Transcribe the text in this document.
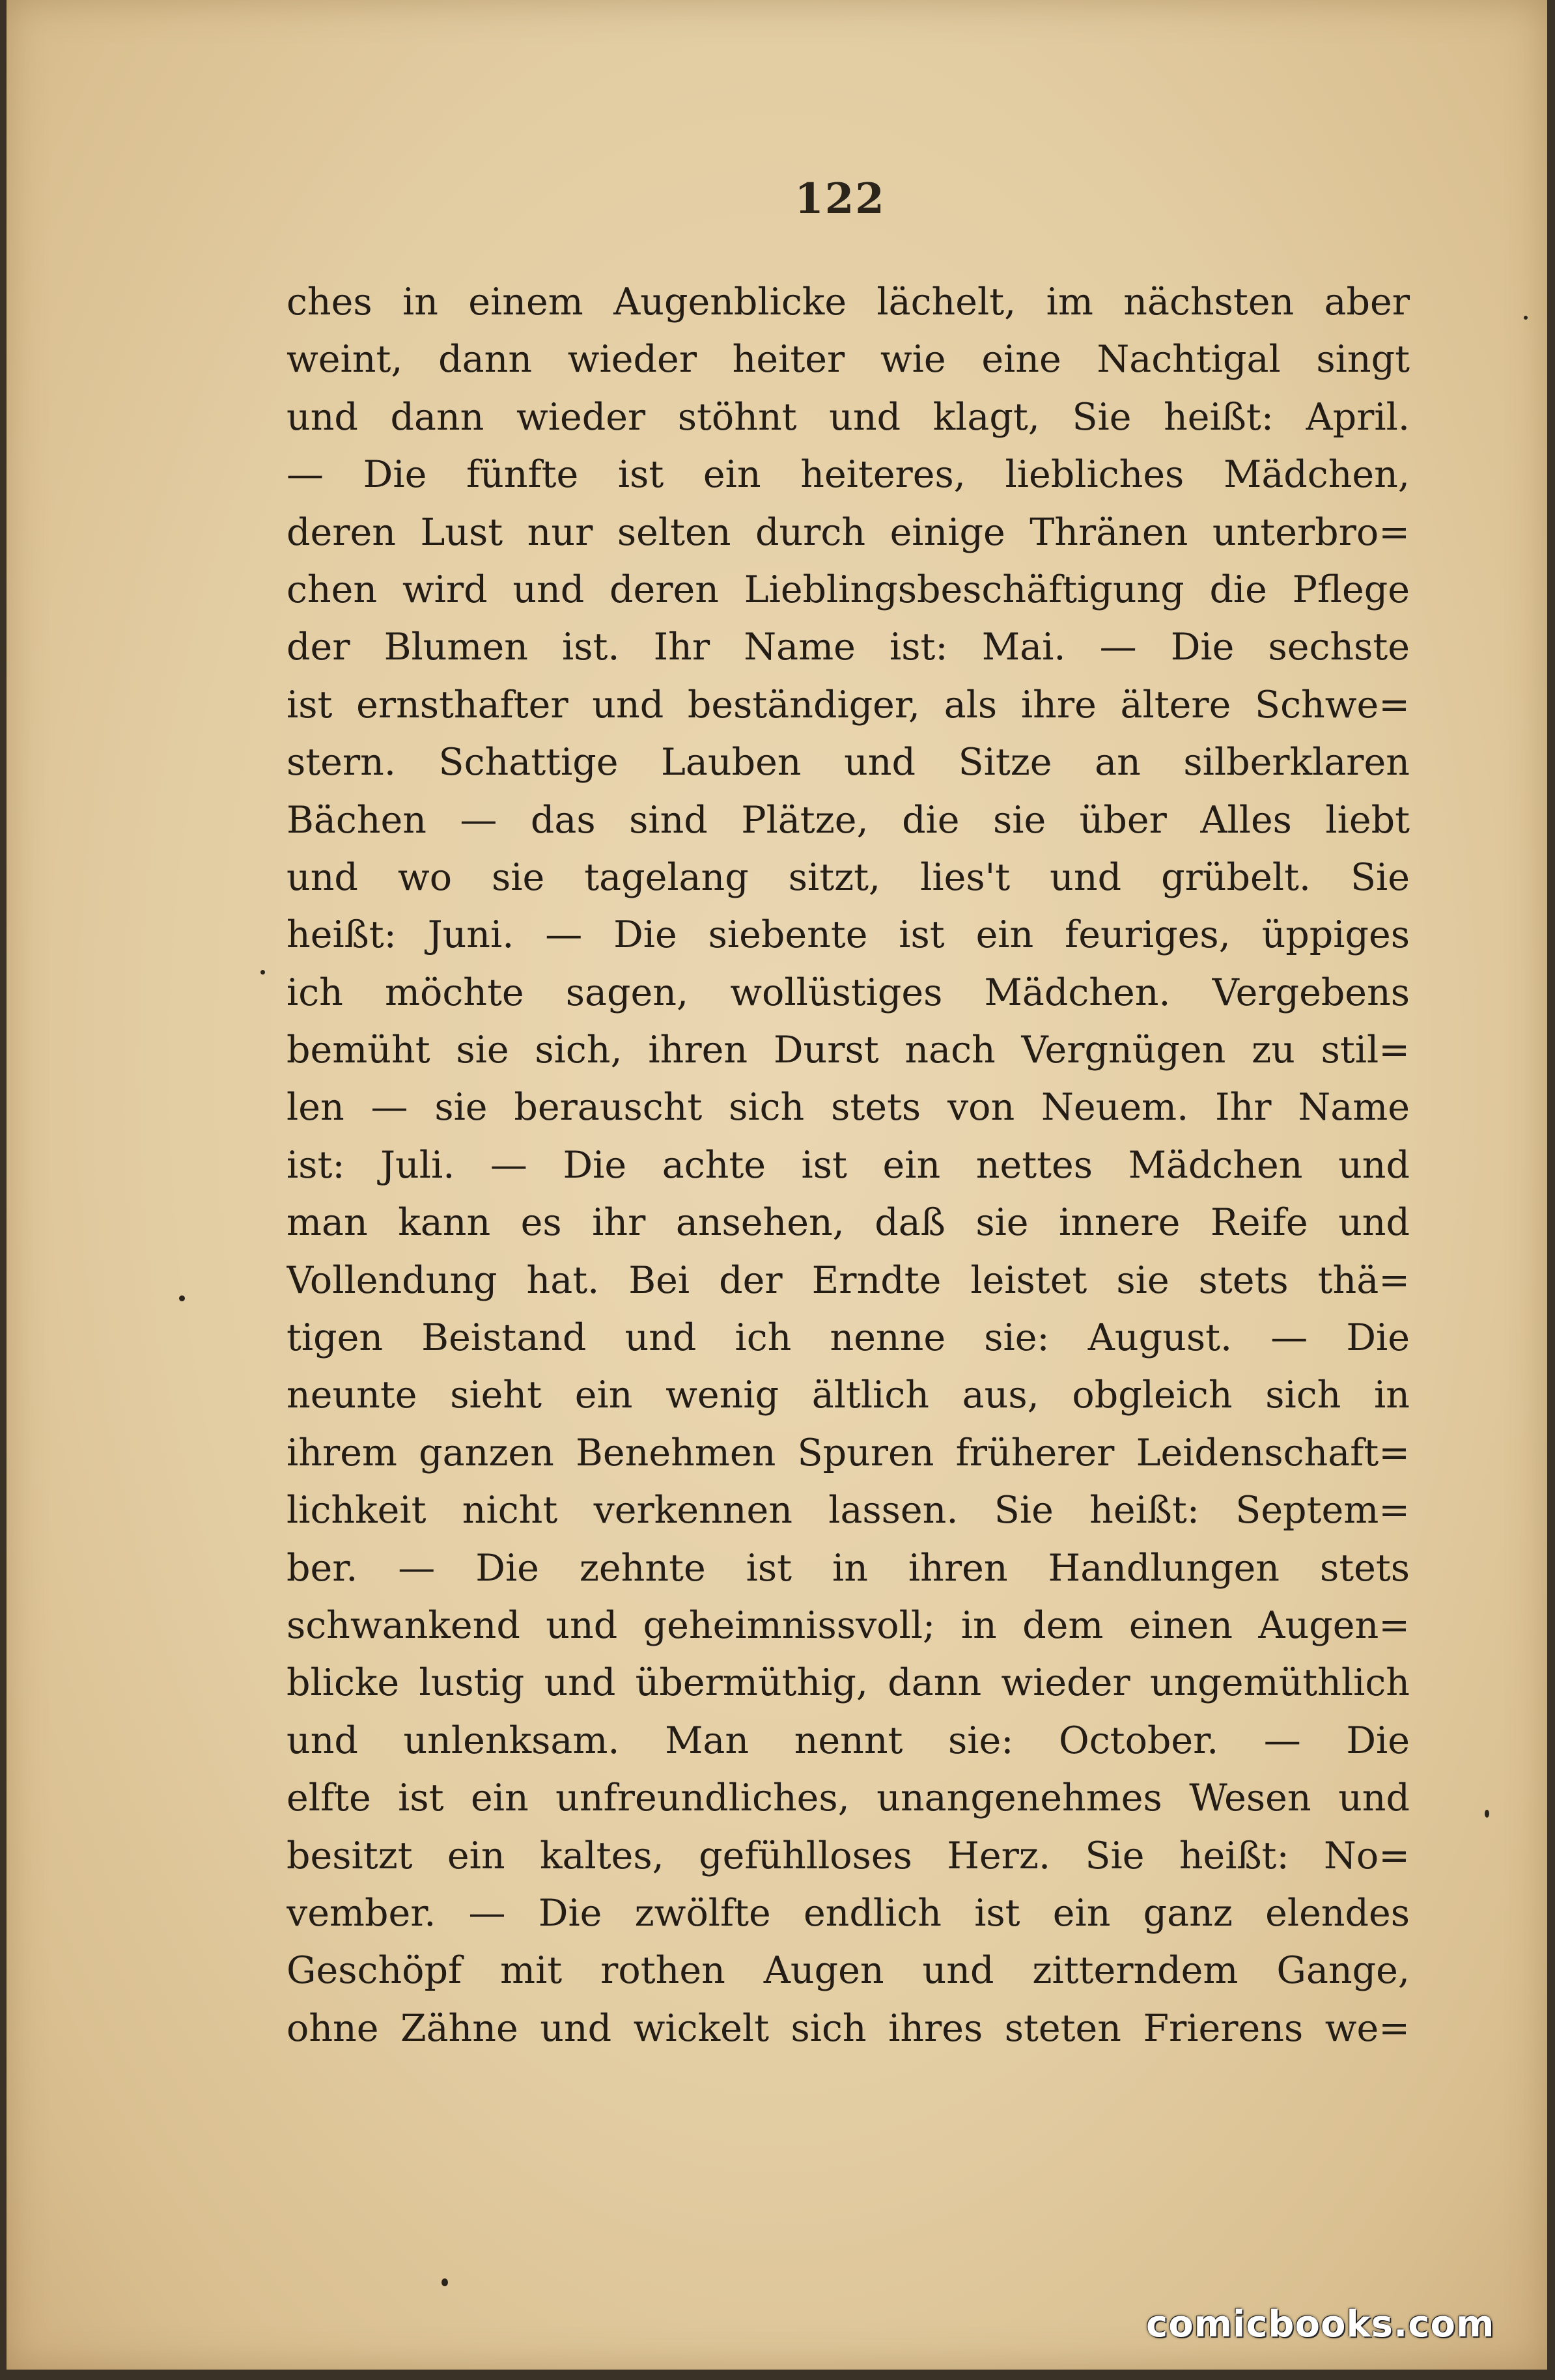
122
ches in einem Augenblicke lächelt, im nächsten aber
weint, dann wieder heiter wie eine Nachtigal singt
und dann wieder stöhnt und klagt, Sie heißt: April.
— Die fünfte ist ein heiteres, liebliches Mädchen,
deren Lust nur selten durch einige Thränen unterbro=
chen wird und deren Lieblingsbeschäftigung die Pflege
der Blumen ist. Ihr Name ist: Mai. — Die sechste
ist ernsthafter und beständiger, als ihre ältere Schwe=
stern. Schattige Lauben und Sitze an silberklaren
Bächen — das sind Plätze, die sie über Alles liebt
und wo sie tagelang sitzt, lies't und grübelt. Sie
heißt: Juni. — Die siebente ist ein feuriges, üppiges
ich möchte sagen, wollüstiges Mädchen. Vergebens
bemüht sie sich, ihren Durst nach Vergnügen zu stil=
len — sie berauscht sich stets von Neuem. Ihr Name
ist: Juli. — Die achte ist ein nettes Mädchen und
man kann es ihr ansehen, daß sie innere Reife und
Vollendung hat. Bei der Erndte leistet sie stets thä=
tigen Beistand und ich nenne sie: August. — Die
neunte sieht ein wenig ältlich aus, obgleich sich in
ihrem ganzen Benehmen Spuren früherer Leidenschaft=
lichkeit nicht verkennen lassen. Sie heißt: Septem=
ber. — Die zehnte ist in ihren Handlungen stets
schwankend und geheimnissvoll; in dem einen Augen=
blicke lustig und übermüthig, dann wieder ungemüthlich
und unlenksam. Man nennt sie: October. — Die
elfte ist ein unfreundliches, unangenehmes Wesen und
besitzt ein kaltes, gefühlloses Herz. Sie heißt: No=
vember. — Die zwölfte endlich ist ein ganz elendes
Geschöpf mit rothen Augen und zitterndem Gange,
ohne Zähne und wickelt sich ihres steten Frierens we=
comicbooks.com
